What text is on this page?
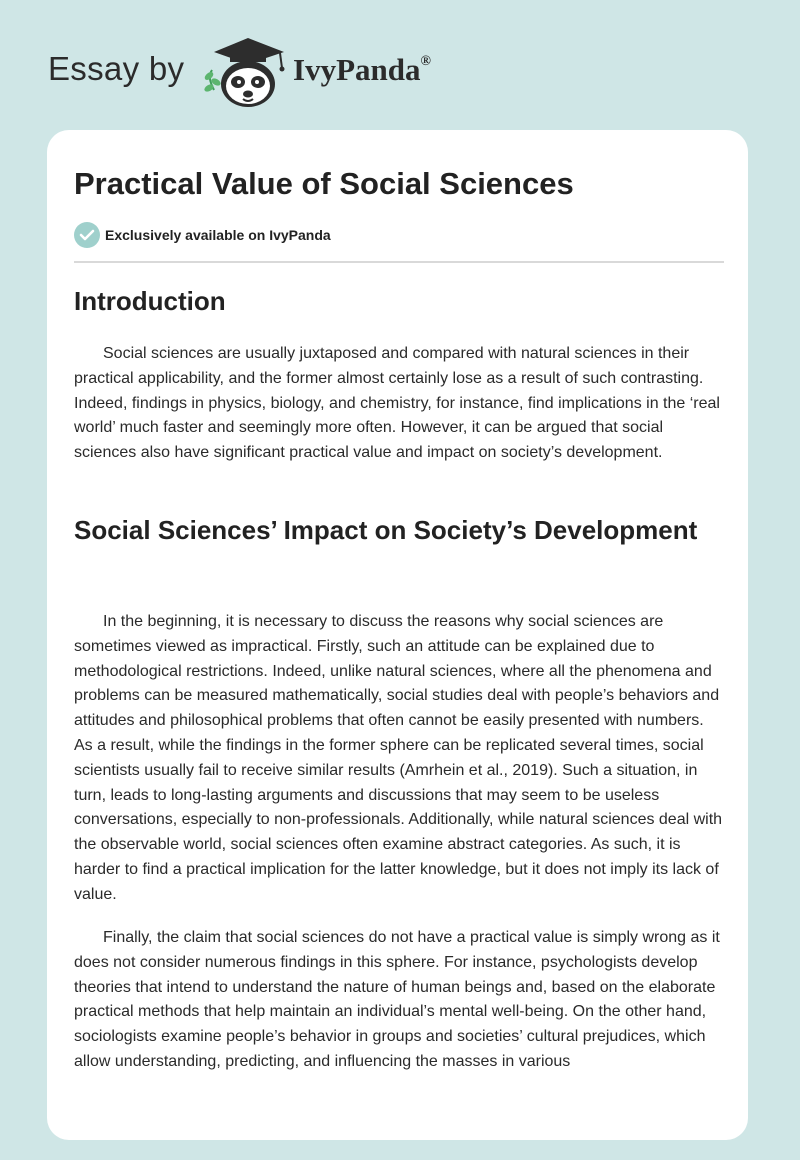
Essay by	IvyPanda®
Practical Value of Social Sciences
Exclusively available on IvyPanda
Introduction

Social sciences are usually juxtaposed and compared with natural sciences in their practical applicability, and the former almost certainly lose as a result of such contrasting. Indeed, findings in physics, biology, and chemistry, for instance, find implications in the ‘real world’ much faster and seemingly more often. However, it can be argued that social sciences also have significant practical value and impact on society’s development.

Social Sciences’ Impact on Society’s Development

In the beginning, it is necessary to discuss the reasons why social sciences are sometimes viewed as impractical. Firstly, such an attitude can be explained due to methodological restrictions. Indeed, unlike natural sciences, where all the phenomena and problems can be measured mathematically, social studies deal with people’s behaviors and attitudes and philosophical problems that often cannot be easily presented with numbers. As a result, while the findings in the former sphere can be replicated several times, social scientists usually fail to receive similar results (Amrhein et al., 2019). Such a situation, in turn, leads to long-lasting arguments and discussions that may seem to be useless conversations, especially to non-professionals. Additionally, while natural sciences deal with the observable world, social sciences often examine abstract categories. As such, it is harder to find a practical implication for the latter knowledge, but it does not imply its lack of value.

Finally, the claim that social sciences do not have a practical value is simply wrong as it does not consider numerous findings in this sphere. For instance, psychologists develop theories that intend to understand the nature of human beings and, based on the elaborate practical methods that help maintain an individual’s mental well-being. On the other hand, sociologists examine people’s behavior in groups and societies’ cultural prejudices, which allow understanding, predicting, and influencing the masses in various
